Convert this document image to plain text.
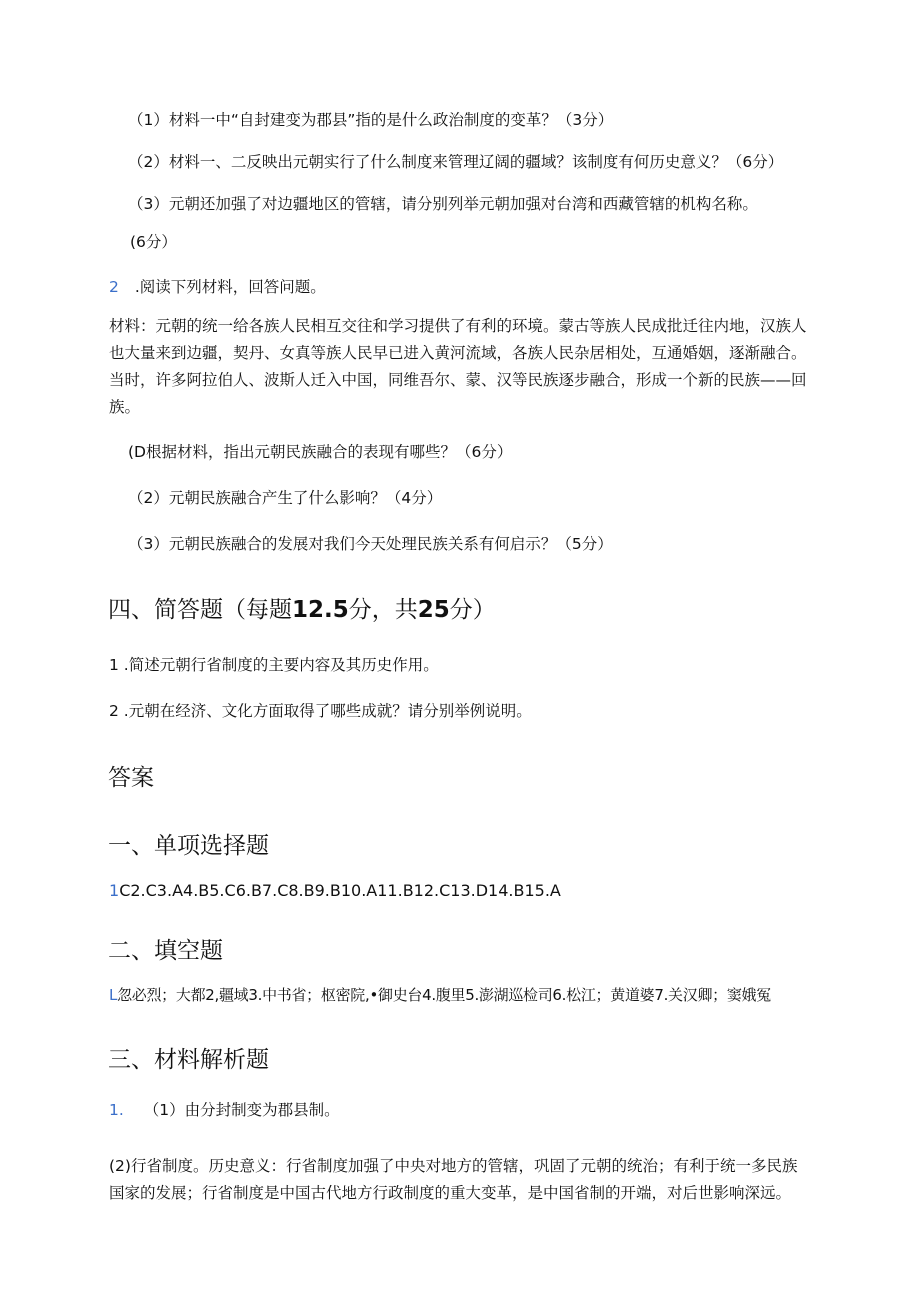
（1）材料一中“自封建变为郡县”指的是什么政治制度的变革？（3分）
（2）材料一、二反映出元朝实行了什么制度来管理辽阔的疆域？该制度有何历史意义？（6分）
（3）元朝还加强了对边疆地区的管辖，请分别列举元朝加强对台湾和西藏管辖的机构名称。
(6分）
2 .阅读下列材料，回答问题。
材料：元朝的统一给各族人民相互交往和学习提供了有利的环境。蒙古等族人民成批迁往内地，汉族人也大量来到边疆，契丹、女真等族人民早已进入黄河流域，各族人民杂居相处，互通婚姻，逐渐融合。当时，许多阿拉伯人、波斯人迁入中国，同维吾尔、蒙、汉等民族逐步融合，形成一个新的民族——回族。
(D根据材料，指出元朝民族融合的表现有哪些？（6分）
（2）元朝民族融合产生了什么影响？（4分）
（3）元朝民族融合的发展对我们今天处理民族关系有何启示？（5分）
四、简答题（每题12.5分，共25分）
1 .简述元朝行省制度的主要内容及其历史作用。
2 .元朝在经济、文化方面取得了哪些成就？请分别举例说明。
答案
一、单项选择题
1C2.C3.A4.B5.C6.B7.C8.B9.B10.A11.B12.C13.D14.B15.A
二、填空题
L忽必烈；大都2,疆域3.中书省；枢密院,•御史台4.腹里5.澎湖巡检司6.松江；黄道婆7.关汉卿；窦娥冤
三、材料解析题
1. （1）由分封制变为郡县制。
(2)行省制度。历史意义：行省制度加强了中央对地方的管辖，巩固了元朝的统治；有利于统一多民族国家的发展；行省制度是中国古代地方行政制度的重大变革，是中国省制的开端，对后世影响深远。
